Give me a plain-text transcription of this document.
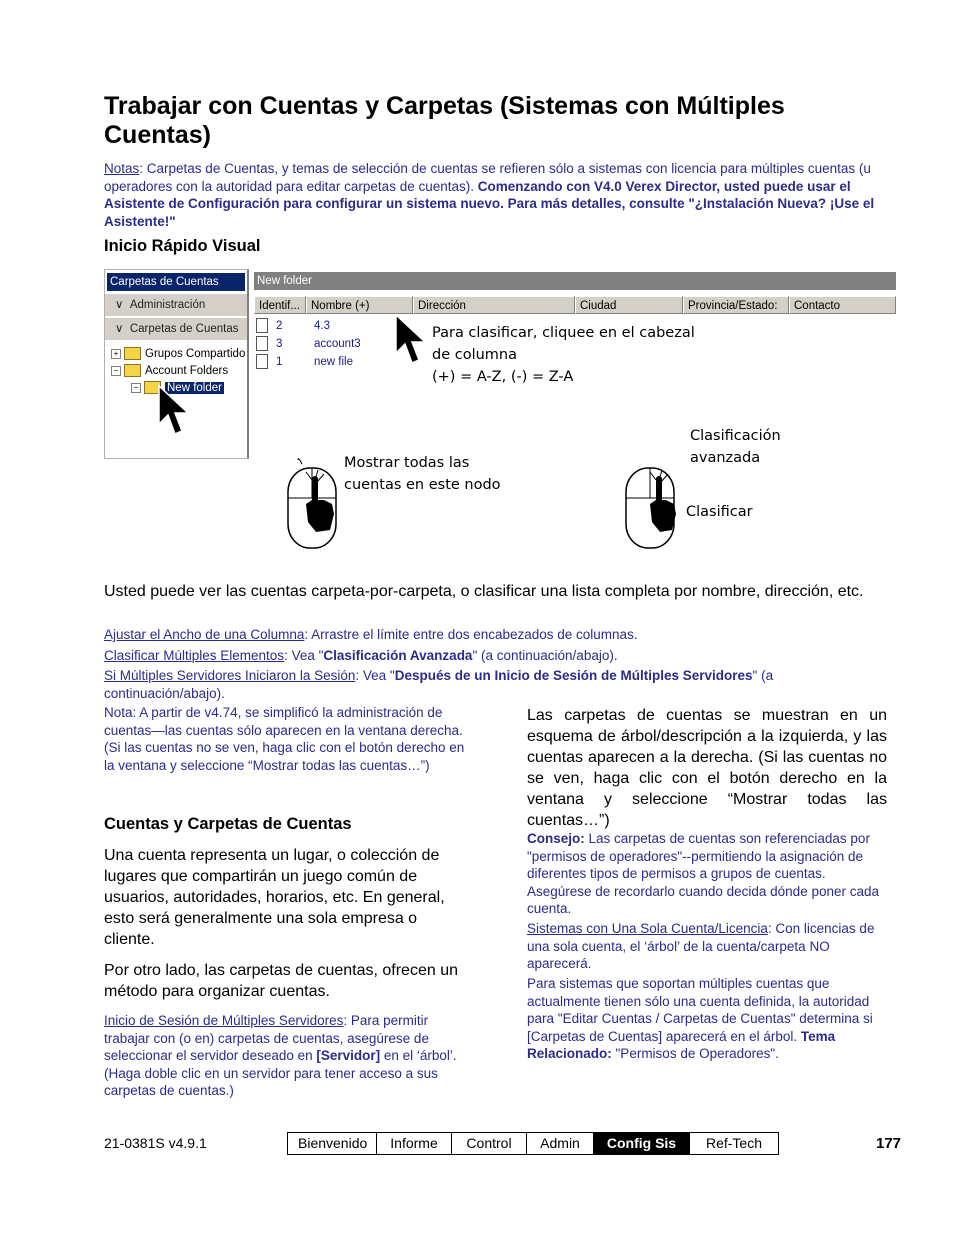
Trabajar con Cuentas y Carpetas (Sistemas con Múltiples Cuentas)
Notas: Carpetas de Cuentas, y temas de selección de cuentas se refieren sólo a sistemas con licencia para múltiples cuentas (u operadores con la autoridad para editar carpetas de cuentas). Comenzando con V4.0 Verex Director, usted puede usar el Asistente de Configuración para configurar un sistema nuevo. Para más detalles, consulte "¿Instalación Nueva? ¡Use el Asistente!"
Inicio Rápido Visual
Carpetas de Cuentas
∨  Administración
∨  Carpetas de Cuentas
+ Grupos Compartido
− Account Folders
− New folder
New folder
Identif... Nombre (+)	Dirección	Ciudad	Provincia/Estado:	Contacto
2	4.3
3	account3
1	new file
Para clasificar, cliquee en el cabezal
de columna
(+) = A-Z, (-) = Z-A
Mostrar todas las
cuentas en este nodo
Clasificación
avanzada
Clasificar
Usted puede ver las cuentas carpeta-por-carpeta, o clasificar una lista completa por nombre, dirección, etc.
Ajustar el Ancho de una Columna: Arrastre el límite entre dos encabezados de columnas.
Clasificar Múltiples Elementos: Vea "Clasificación Avanzada" (a continuación/abajo).
Si Múltiples Servidores Iniciaron la Sesión: Vea "Después de un Inicio de Sesión de Múltiples Servidores" (a continuación/abajo).
Nota: A partir de v4.74, se simplificó la administración de cuentas—las cuentas sólo aparecen en la ventana derecha. (Si las cuentas no se ven, haga clic con el botón derecho en la ventana y seleccione “Mostrar todas las cuentas…”)
Cuentas y Carpetas de Cuentas
Una cuenta representa un lugar, o colección de lugares que compartirán un juego común de usuarios, autoridades, horarios, etc. En general, esto será generalmente una sola empresa o cliente.
Por otro lado, las carpetas de cuentas, ofrecen un método para organizar cuentas.
Inicio de Sesión de Múltiples Servidores: Para permitir trabajar con (o en) carpetas de cuentas, asegúrese de seleccionar el servidor deseado en [Servidor] en el ‘árbol’. (Haga doble clic en un servidor para tener acceso a sus carpetas de cuentas.)
Las carpetas de cuentas se muestran en un esquema de árbol/descripción a la izquierda, y las cuentas aparecen a la derecha. (Si las cuentas no se ven, haga clic con el botón derecho en la ventana y seleccione “Mostrar todas las cuentas…”)
Consejo: Las carpetas de cuentas son referenciadas por "permisos de operadores"--permitiendo la asignación de diferentes tipos de permisos a grupos de cuentas. Asegúrese de recordarlo cuando decida dónde poner cada cuenta.
Sistemas con Una Sola Cuenta/Licencia: Con licencias de una sola cuenta, el ‘árbol’ de la cuenta/carpeta NO aparecerá.
Para sistemas que soportan múltiples cuentas que actualmente tienen sólo una cuenta definida, la autoridad para "Editar Cuentas / Carpetas de Cuentas" determina si [Carpetas de Cuentas] aparecerá en el árbol. Tema Relacionado: "Permisos de Operadores".
21-0381S v4.9.1	Bienvenido	Informe	Control	Admin	Config Sis	Ref-Tech	177
